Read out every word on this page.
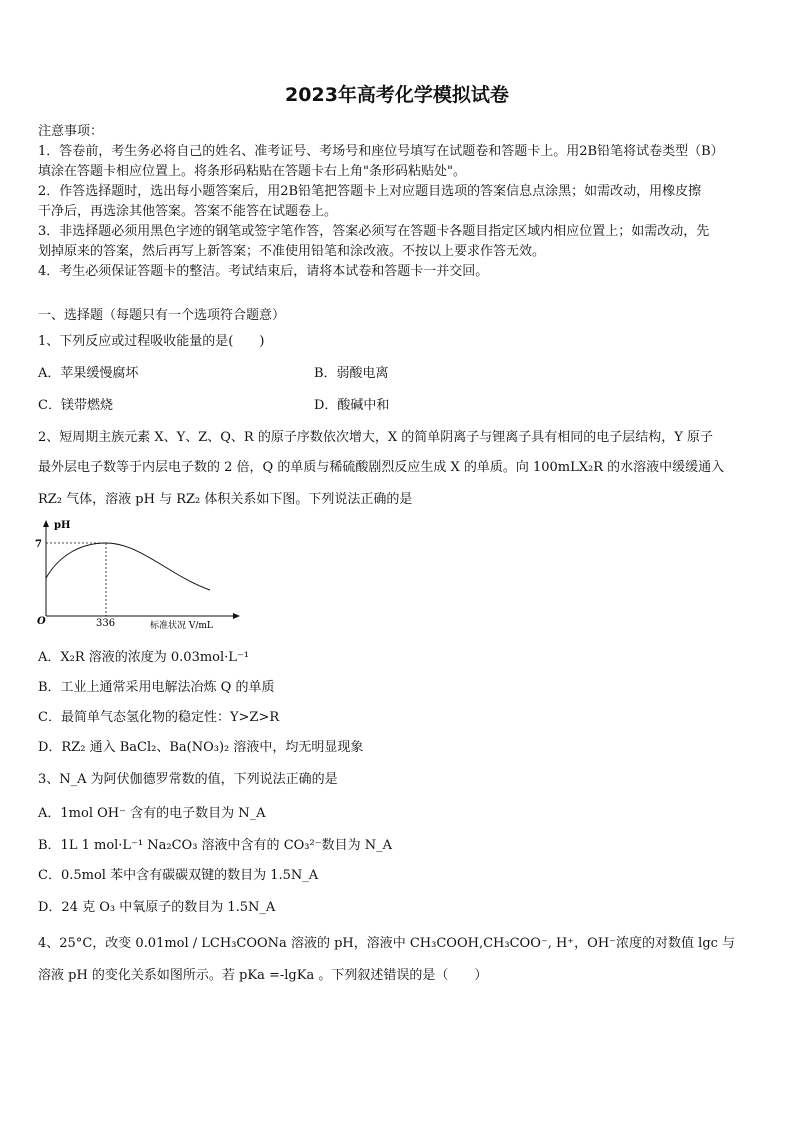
2023年高考化学模拟试卷

注意事项：

1．答卷前，考生务必将自己的姓名、准考证号、考场号和座位号填写在试题卷和答题卡上。用2B铅笔将试卷类型（B）

填涂在答题卡相应位置上。将条形码粘贴在答题卡右上角"条形码粘贴处"。

2．作答选择题时，选出每小题答案后，用2B铅笔把答题卡上对应题目选项的答案信息点涂黑；如需改动，用橡皮擦

干净后，再选涂其他答案。答案不能答在试题卷上。

3．非选择题必须用黑色字迹的钢笔或签字笔作答，答案必须写在答题卡各题目指定区域内相应位置上；如需改动，先

划掉原来的答案，然后再写上新答案；不准使用铅笔和涂改液。不按以上要求作答无效。

4．考生必须保证答题卡的整洁。考试结束后，请将本试卷和答题卡一并交回。

一、选择题（每题只有一个选项符合题意）
1、下列反应或过程吸收能量的是(　　)
A．苹果缓慢腐坏	B．弱酸电离
C．镁带燃烧	D．酸碱中和
2、短周期主族元素 X、Y、Z、Q、R 的原子序数依次增大，X 的简单阴离子与锂离子具有相同的电子层结构，Y 原子
最外层电子数等于内层电子数的 2 倍，Q 的单质与稀硫酸剧烈反应生成 X 的单质。向 100mLX₂R 的水溶液中缓缓通入
RZ₂ 气体，溶液 pH 与 RZ₂ 体积关系如下图。下列说法正确的是
pH
7
O	336	标准状况 V/mL
A．X₂R 溶液的浓度为 0.03mol·L⁻¹
B．工业上通常采用电解法冶炼 Q 的单质
C．最简单气态氢化物的稳定性：Y>Z>R
D．RZ₂ 通入 BaCl₂、Ba(NO₃)₂ 溶液中，均无明显现象
3、N_A 为阿伏伽德罗常数的值，下列说法正确的是
A．1mol OH⁻ 含有的电子数目为 N_A
B．1L 1 mol·L⁻¹ Na₂CO₃ 溶液中含有的 CO₃²⁻数目为 N_A
C．0.5mol 苯中含有碳碳双键的数目为 1.5N_A
D．24 克 O₃ 中氧原子的数目为 1.5N_A
4、25°C，改变 0.01mol / LCH₃COONa 溶液的 pH，溶液中 CH₃COOH,CH₃COO⁻, H⁺，OH⁻浓度的对数值 lgc 与
溶液 pH 的变化关系如图所示。若 pKa =-lgKa 。下列叙述错误的是（　　）
